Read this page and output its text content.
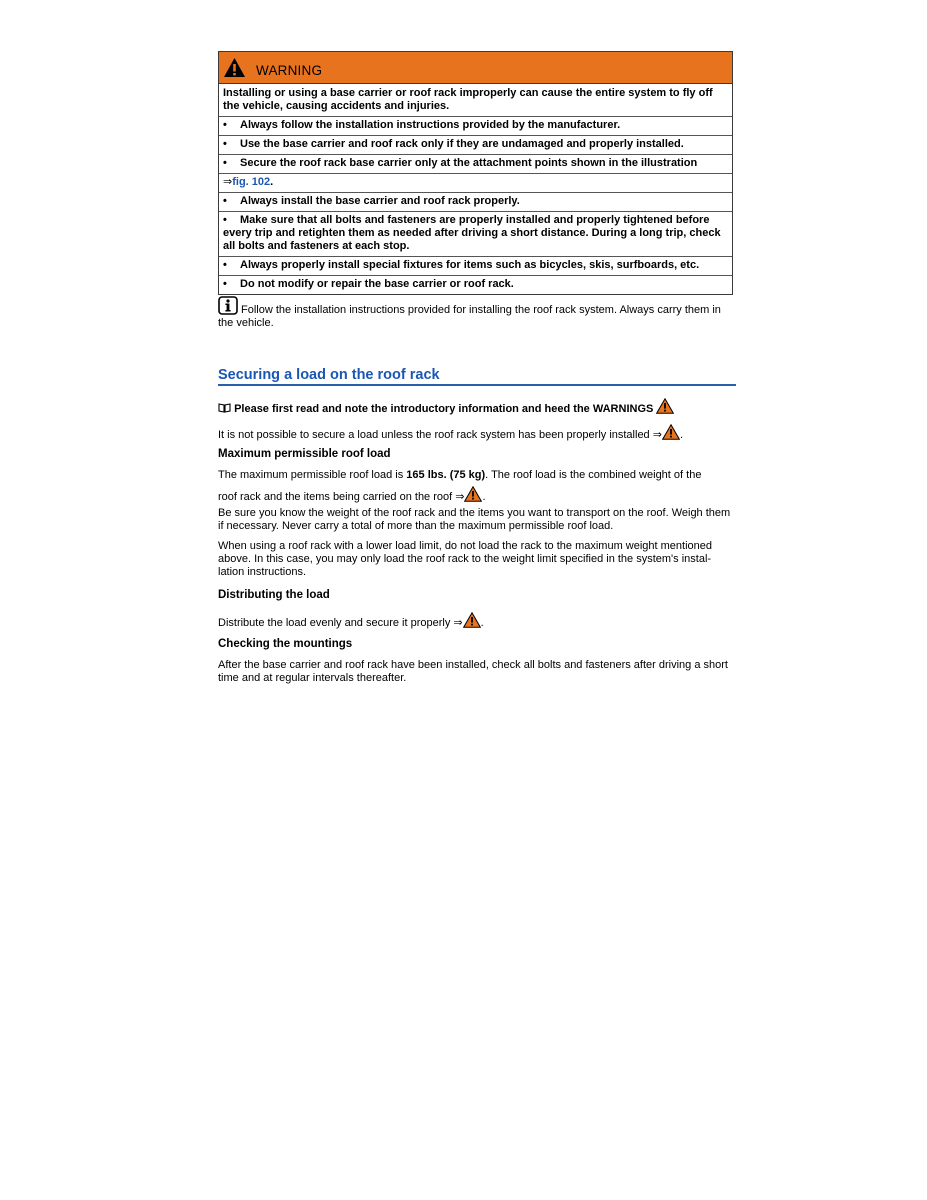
WARNING
Installing or using a base carrier or roof rack improperly can cause the entire system to fly off the vehicle, causing accidents and injuries.
• Always follow the installation instructions provided by the manufacturer.
• Use the base carrier and roof rack only if they are undamaged and properly installed.
• Secure the roof rack base carrier only at the attachment points shown in the illustration
⇒fig. 102.
• Always install the base carrier and roof rack properly.
• Make sure that all bolts and fasteners are properly installed and properly tightened before every trip and retighten them as needed after driving a short distance. During a long trip, check all bolts and fasteners at each stop.
• Always properly install special fixtures for items such as bicycles, skis, surfboards, etc.
• Do not modify or repair the base carrier or roof rack.
Follow the installation instructions provided for installing the roof rack system. Always carry them in the vehicle.
Securing a load on the roof rack
Please first read and note the introductory information and heed the WARNINGS
It is not possible to secure a load unless the roof rack system has been properly installed ⇒ .
Maximum permissible roof load
The maximum permissible roof load is 165 lbs. (75 kg). The roof load is the combined weight of the
roof rack and the items being carried on the roof ⇒ .
Be sure you know the weight of the roof rack and the items you want to transport on the roof. Weigh them if necessary. Never carry a total of more than the maximum permissible roof load.
When using a roof rack with a lower load limit, do not load the rack to the maximum weight mentioned above. In this case, you may only load the roof rack to the weight limit specified in the system's instal-lation instructions.
Distributing the load
Distribute the load evenly and secure it properly ⇒ .
Checking the mountings
After the base carrier and roof rack have been installed, check all bolts and fasteners after driving a short time and at regular intervals thereafter.
